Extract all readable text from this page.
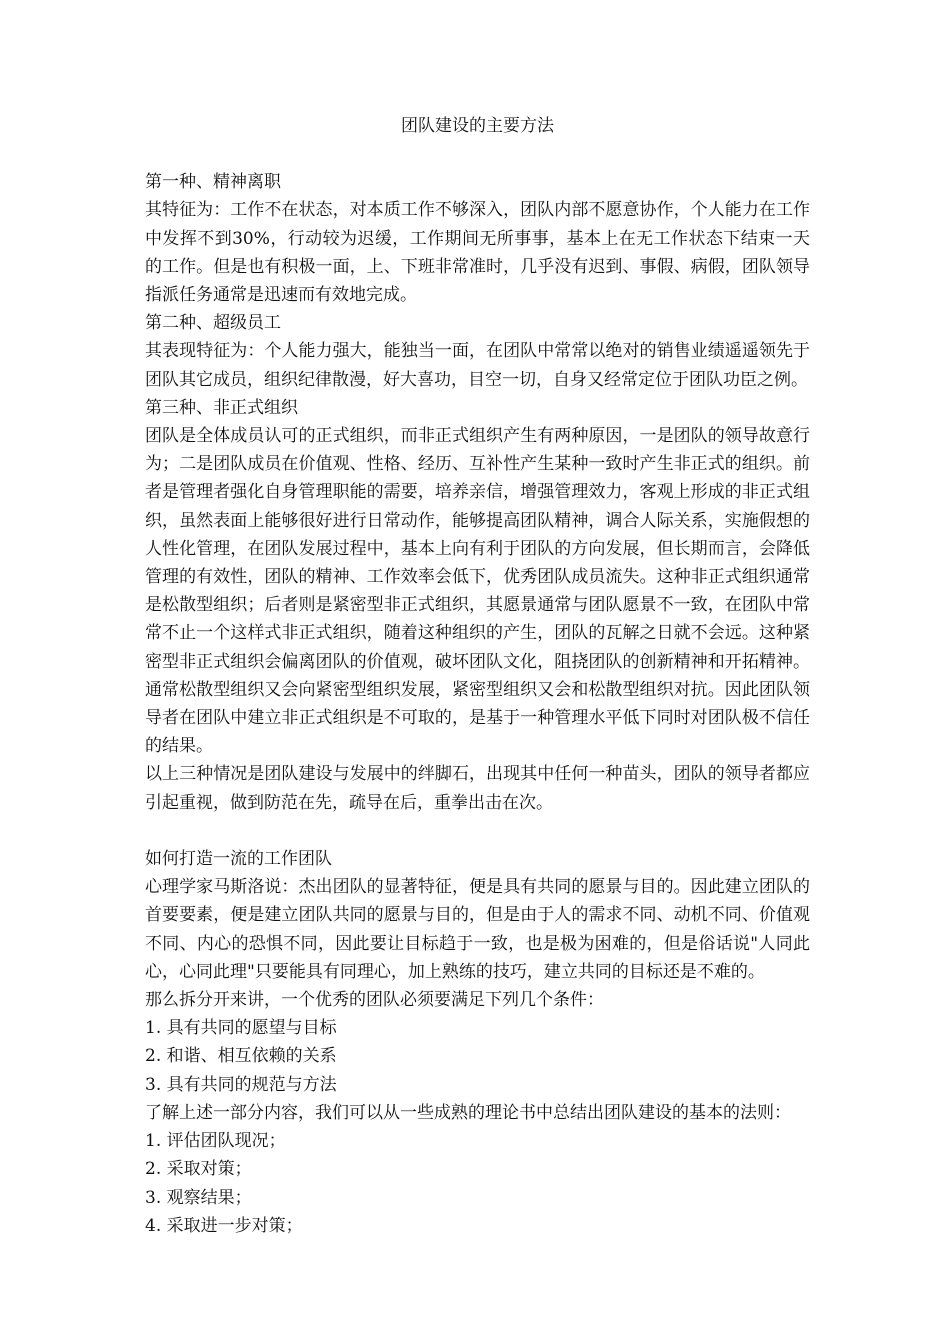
团队建设的主要方法

第一种、精神离职

其特征为：工作不在状态，对本质工作不够深入，团队内部不愿意协作，个人能力在工作中发挥不到30%，行动较为迟缓，工作期间无所事事，基本上在无工作状态下结束一天的工作。但是也有积极一面，上、下班非常准时，几乎没有迟到、事假、病假，团队领导指派任务通常是迅速而有效地完成。

第二种、超级员工

其表现特征为：个人能力强大，能独当一面，在团队中常常以绝对的销售业绩遥遥领先于团队其它成员，组织纪律散漫，好大喜功，目空一切，自身又经常定位于团队功臣之例。

第三种、非正式组织

团队是全体成员认可的正式组织，而非正式组织产生有两种原因，一是团队的领导故意行为；二是团队成员在价值观、性格、经历、互补性产生某种一致时产生非正式的组织。前者是管理者强化自身管理职能的需要，培养亲信，增强管理效力，客观上形成的非正式组织，虽然表面上能够很好进行日常动作，能够提高团队精神，调合人际关系，实施假想的人性化管理，在团队发展过程中，基本上向有利于团队的方向发展，但长期而言，会降低管理的有效性，团队的精神、工作效率会低下，优秀团队成员流失。这种非正式组织通常是松散型组织；后者则是紧密型非正式组织，其愿景通常与团队愿景不一致，在团队中常常不止一个这样式非正式组织，随着这种组织的产生，团队的瓦解之日就不会远。这种紧密型非正式组织会偏离团队的价值观，破坏团队文化，阻挠团队的创新精神和开拓精神。通常松散型组织又会向紧密型组织发展，紧密型组织又会和松散型组织对抗。因此团队领导者在团队中建立非正式组织是不可取的，是基于一种管理水平低下同时对团队极不信任的结果。

以上三种情况是团队建设与发展中的绊脚石，出现其中任何一种苗头，团队的领导者都应引起重视，做到防范在先，疏导在后，重拳出击在次。

如何打造一流的工作团队

心理学家马斯洛说：杰出团队的显著特征，便是具有共同的愿景与目的。因此建立团队的首要要素，便是建立团队共同的愿景与目的，但是由于人的需求不同、动机不同、价值观不同、内心的恐惧不同，因此要让目标趋于一致，也是极为困难的，但是俗话说"人同此心，心同此理"只要能具有同理心，加上熟练的技巧，建立共同的目标还是不难的。

那么拆分开来讲，一个优秀的团队必须要满足下列几个条件：

1. 具有共同的愿望与目标

2. 和谐、相互依赖的关系

3. 具有共同的规范与方法

了解上述一部分内容，我们可以从一些成熟的理论书中总结出团队建设的基本的法则：

1. 评估团队现况；

2. 采取对策；

3. 观察结果；

4. 采取进一步对策；
